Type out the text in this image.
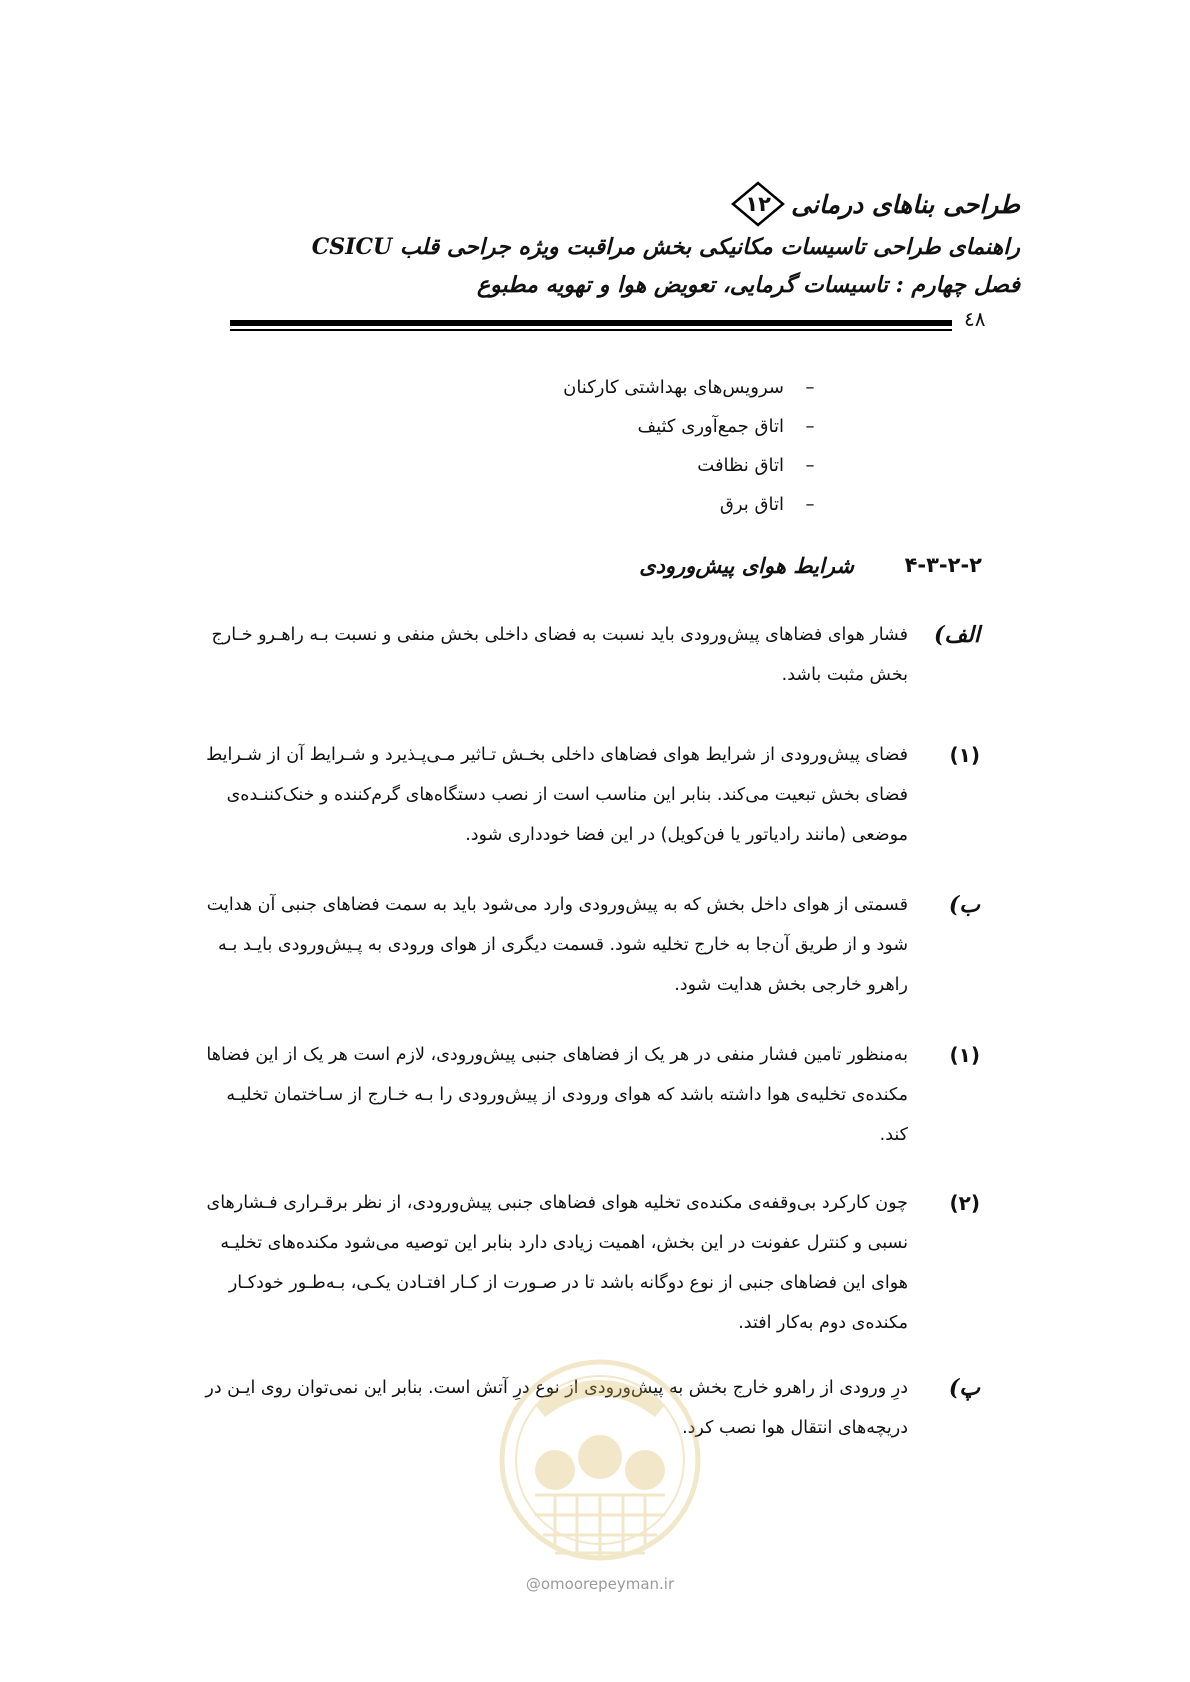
طراحی بناهای درمانی
۱۲
راهنمای طراحی تاسیسات مکانیکی بخش مراقبت ویژه جراحی قلب CSICU
فصل چهارم : تاسیسات گرمایی، تعویض هوا و تهویه مطبوع
٤٨
–
سرویس‌های بهداشتی کارکنان
–
اتاق جمع‌آوری کثیف
–
اتاق نظافت
–
اتاق برق
۴-۳-۲-۲
شرایط هوای پیش‌ورودی
الف)
فشار هوای فضاهای پیش‌ورودی باید نسبت به فضای داخلی بخش منفی و نسبت بـه راهـرو خـارج
بخش مثبت باشد.
(۱)
فضای پیش‌ورودی از شرایط هوای فضاهای داخلی بخـش تـاثیر مـی‌پـذیرد و شـرایط آن از شـرایط
فضای بخش تبعیت می‌کند. بنابر این مناسب است از نصب دستگاه‌های گرم‌کننده و خنک‌کننـده‌ی
موضعی (مانند رادیاتور یا فن‌کویل) در این فضا خودداری شود.
ب)
قسمتی از هوای داخل بخش که به پیش‌ورودی وارد می‌شود باید به سمت فضاهای جنبی آن هدایت
شود و از طریق آن‌جا به خارج تخلیه شود. قسمت دیگری از هوای ورودی به پـیش‌ورودی بایـد بـه
راهرو خارجی بخش هدایت شود.
(۱)
به‌منظور تامین فشار منفی در هر یک از فضاهای جنبی پیش‌ورودی، لازم است هر یک از این فضاها
مکنده‌ی تخلیه‌ی هوا داشته باشد که هوای ورودی از پیش‌ورودی را بـه خـارج از سـاختمان تخلیـه
کند.
(۲)
چون کارکرد بی‌وقفه‌ی مکنده‌ی تخلیه هوای فضاهای جنبی پیش‌ورودی، از نظر برقـراری فـشارهای
نسبی و کنترل عفونت در این بخش، اهمیت زیادی دارد بنابر این توصیه می‌شود مکنده‌های تخلیـه
هوای این فضاهای جنبی از نوع دوگانه باشد تا در صـورت از کـار افتـادن یکـی، بـه‌طـور خودکـار
مکنده‌ی دوم به‌کار افتد.
پ)
درِ ورودی از راهرو خارج بخش به پیش‌ورودی از نوع درِ آتش است. بنابر این نمی‌توان روی ایـن در
دریچه‌های انتقال هوا نصب کرد.
@omoorepeyman.ir
